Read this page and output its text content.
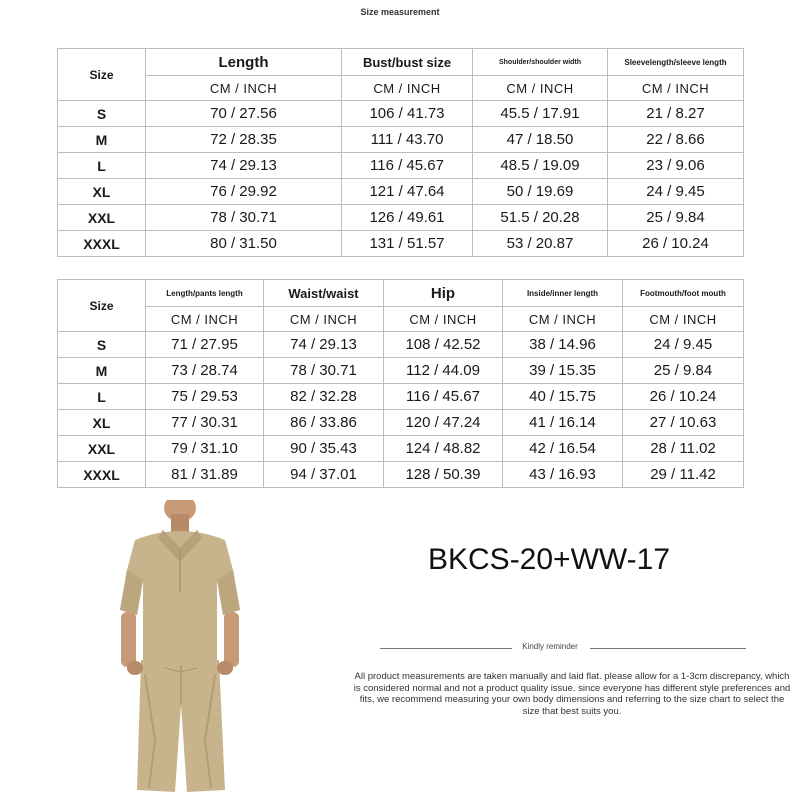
Size measurement
Size	Length	Bust/bust size	Shoulder/shoulder width	Sleevelength/sleeve length
	CM / INCH	CM / INCH	CM / INCH	CM / INCH
S	70 / 27.56	106 / 41.73	45.5 / 17.91	21 / 8.27
M	72 / 28.35	111 / 43.70	47 / 18.50	22 / 8.66
L	74 / 29.13	116 / 45.67	48.5 / 19.09	23 / 9.06
XL	76 / 29.92	121 / 47.64	50 / 19.69	24 / 9.45
XXL	78 / 30.71	126 / 49.61	51.5 / 20.28	25 / 9.84
XXXL	80 / 31.50	131 / 51.57	53 / 20.87	26 / 10.24
Size	Length/pants length	Waist/waist	Hip	Inside/inner length	Footmouth/foot mouth
	CM / INCH	CM / INCH	CM / INCH	CM / INCH	CM / INCH
S	71 / 27.95	74 / 29.13	108 / 42.52	38 / 14.96	24 / 9.45
M	73 / 28.74	78 / 30.71	112 / 44.09	39 / 15.35	25 / 9.84
L	75 / 29.53	82 / 32.28	116 / 45.67	40 / 15.75	26 / 10.24
XL	77 / 30.31	86 / 33.86	120 / 47.24	41 / 16.14	27 / 10.63
XXL	79 / 31.10	90 / 35.43	124 / 48.82	42 / 16.54	28 / 11.02
XXXL	81 / 31.89	94 / 37.01	128 / 50.39	43 / 16.93	29 / 11.42
BKCS-20+WW-17
Kindly reminder
All product measurements are taken manually and laid flat. please allow for a 1-3cm discrepancy, which is considered normal and not a product quality issue. since everyone has different style preferences and fits, we recommend measuring your own body dimensions and referring to the size chart to select the size that best suits you.
